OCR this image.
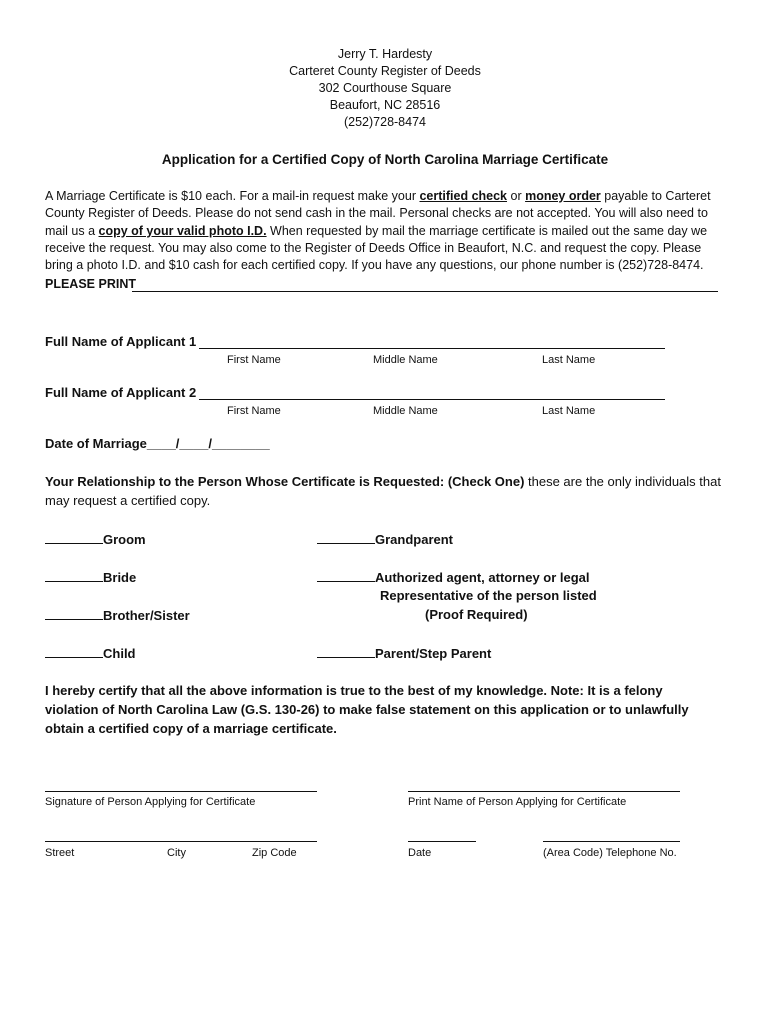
Jerry T. Hardesty
Carteret County Register of Deeds
302 Courthouse Square
Beaufort, NC 28516
(252)728-8474
Application for a Certified Copy of North Carolina Marriage Certificate
A Marriage Certificate is $10 each. For a mail-in request make your certified check or money order payable to Carteret County Register of Deeds. Please do not send cash in the mail. Personal checks are not accepted. You will also need to mail us a copy of your valid photo I.D. When requested by mail the marriage certificate is mailed out the same day we receive the request. You may also come to the Register of Deeds Office in Beaufort, N.C. and request the copy. Please bring a photo I.D. and $10 cash for each certified copy. If you have any questions, our phone number is (252)728-8474.
PLEASE PRINT
Full Name of Applicant 1
First Name	Middle Name	Last Name
Full Name of Applicant 2
First Name	Middle Name	Last Name
Date of Marriage____/____/________
Your Relationship to the Person Whose Certificate is Requested: (Check One) these are the only individuals that may request a certified copy.
Groom
Bride
Brother/Sister
Child
Grandparent
Authorized agent, attorney or legal
Representative of the person listed
(Proof Required)
Parent/Step Parent
I hereby certify that all the above information is true to the best of my knowledge. Note: It is a felony violation of North Carolina Law (G.S. 130-26) to make false statement on this application or to unlawfully obtain a certified copy of a marriage certificate.
Signature of Person Applying for Certificate	Print Name of Person Applying for Certificate
Street	City	Zip Code	Date	(Area Code) Telephone No.
